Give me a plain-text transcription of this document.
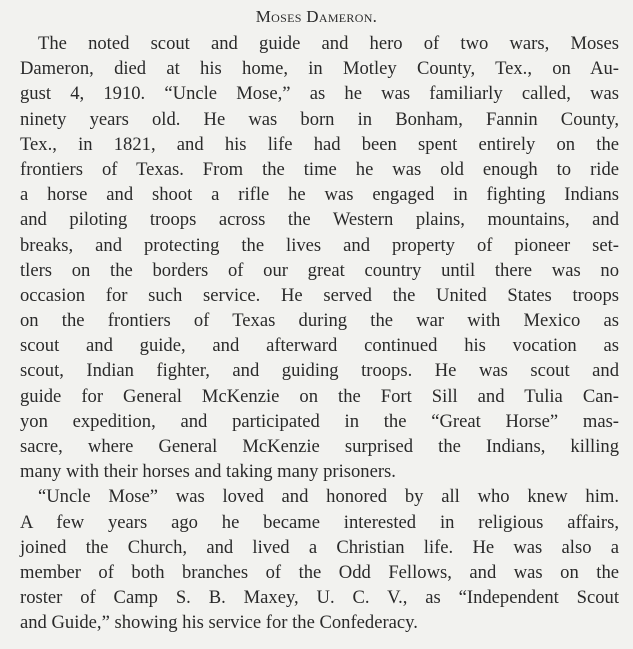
Moses Dameron.
The noted scout and guide and hero of two wars, Moses
Dameron, died at his home, in Motley County, Tex., on Au-
gust 4, 1910. “Uncle Mose,” as he was familiarly called, was
ninety years old. He was born in Bonham, Fannin County,
Tex., in 1821, and his life had been spent entirely on the
frontiers of Texas. From the time he was old enough to ride
a horse and shoot a rifle he was engaged in fighting Indians
and piloting troops across the Western plains, mountains, and
breaks, and protecting the lives and property of pioneer set-
tlers on the borders of our great country until there was no
occasion for such service. He served the United States troops
on the frontiers of Texas during the war with Mexico as
scout and guide, and afterward continued his vocation as
scout, Indian fighter, and guiding troops. He was scout and
guide for General McKenzie on the Fort Sill and Tulia Can-
yon expedition, and participated in the “Great Horse” mas-
sacre, where General McKenzie surprised the Indians, killing
many with their horses and taking many prisoners.
“Uncle Mose” was loved and honored by all who knew him.
A few years ago he became interested in religious affairs,
joined the Church, and lived a Christian life. He was also a
member of both branches of the Odd Fellows, and was on the
roster of Camp S. B. Maxey, U. C. V., as “Independent Scout
and Guide,” showing his service for the Confederacy.
